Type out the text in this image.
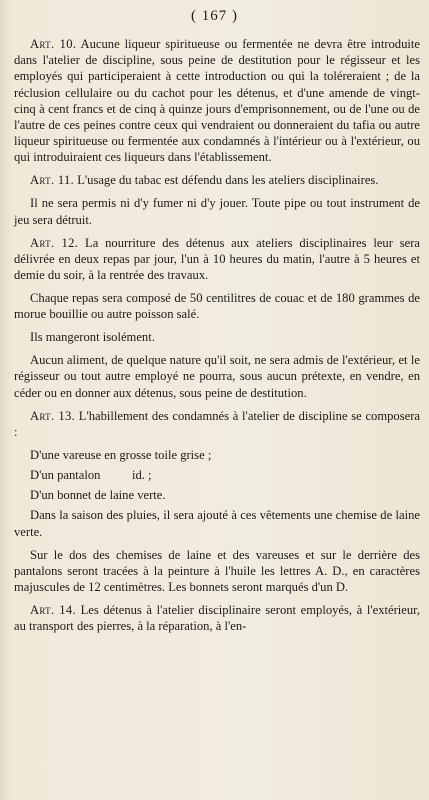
( 167 )

Art. 10. Aucune liqueur spiritueuse ou fermentée ne devra être introduite dans l'atelier de discipline, sous peine de destitution pour le régisseur et les employés qui participeraient à cette introduction ou qui la toléreraient ; de la réclusion cellulaire ou du cachot pour les détenus, et d'une amende de vingt-cinq à cent francs et de cinq à quinze jours d'emprisonnement, ou de l'une ou de l'autre de ces peines contre ceux qui vendraient ou donneraient du tafia ou autre liqueur spiritueuse ou fermentée aux condamnés à l'intérieur ou à l'extérieur, ou qui introduiraient ces liqueurs dans l'établissement.

Art. 11. L'usage du tabac est défendu dans les ateliers disciplinaires.

Il ne sera permis ni d'y fumer ni d'y jouer. Toute pipe ou tout instrument de jeu sera détruit.

Art. 12. La nourriture des détenus aux ateliers disciplinaires leur sera délivrée en deux repas par jour, l'un à 10 heures du matin, l'autre à 5 heures et demie du soir, à la rentrée des travaux.

Chaque repas sera composé de 50 centilitres de couac et de 180 grammes de morue bouillie ou autre poisson salé.

Ils mangeront isolément.

Aucun aliment, de quelque nature qu'il soit, ne sera admis de l'extérieur, et le régisseur ou tout autre employé ne pourra, sous aucun prétexte, en vendre, en céder ou en donner aux détenus, sous peine de destitution.

Art. 13. L'habillement des condamnés à l'atelier de discipline se composera :

D'une vareuse en grosse toile grise ;

D'un pantalon          id. ;

D'un bonnet de laine verte.

Dans la saison des pluies, il sera ajouté à ces vêtements une chemise de laine verte.

Sur le dos des chemises de laine et des vareuses et sur le derrière des pantalons seront tracées à la peinture à l'huile les lettres A. D., en caractères majuscules de 12 centimètres. Les bonnets seront marqués d'un D.

Art. 14. Les détenus à l'atelier disciplinaire seront employés, à l'extérieur, au transport des pierres, à la réparation, à l'en-
